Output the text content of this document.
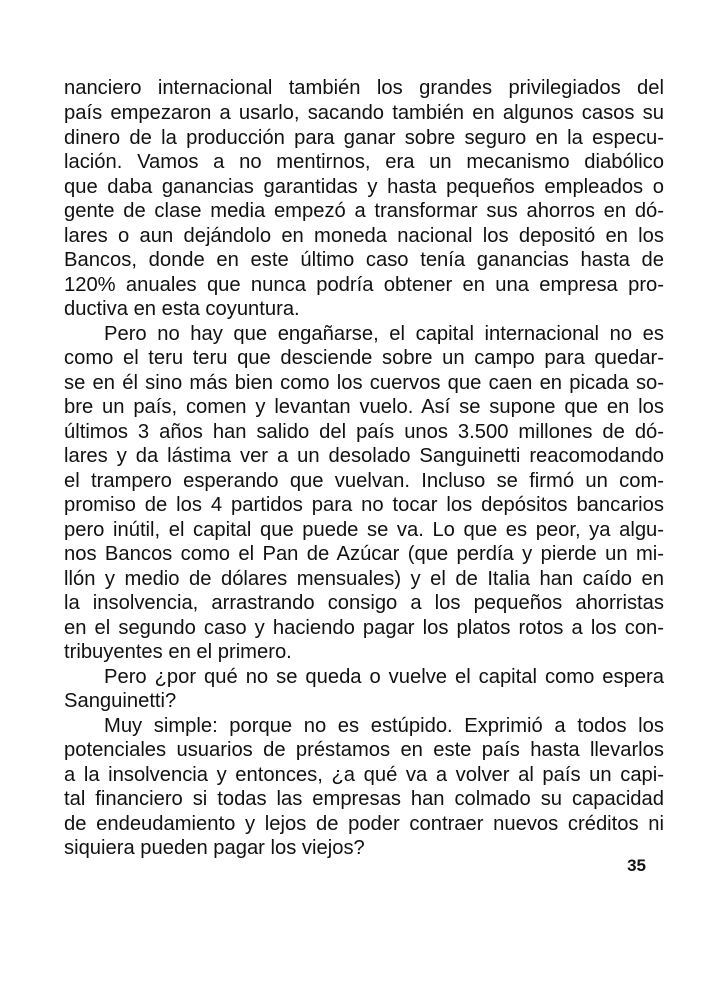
nanciero internacional también los grandes privilegiados del
país empezaron a usarlo, sacando también en algunos casos su
dinero de la producción para ganar sobre seguro en la especu-
lación. Vamos a no mentirnos, era un mecanismo diabólico
que daba ganancias garantidas y hasta pequeños empleados o
gente de clase media empezó a transformar sus ahorros en dó-
lares o aun dejándolo en moneda nacional los depositó en los
Bancos, donde en este último caso tenía ganancias hasta de
120% anuales que nunca podría obtener en una empresa pro-
ductiva en esta coyuntura.
Pero no hay que engañarse, el capital internacional no es
como el teru teru que desciende sobre un campo para quedar-
se en él sino más bien como los cuervos que caen en picada so-
bre un país, comen y levantan vuelo. Así se supone que en los
últimos 3 años han salido del país unos 3.500 millones de dó-
lares y da lástima ver a un desolado Sanguinetti reacomodando
el trampero esperando que vuelvan. Incluso se firmó un com-
promiso de los 4 partidos para no tocar los depósitos bancarios
pero inútil, el capital que puede se va. Lo que es peor, ya algu-
nos Bancos como el Pan de Azúcar (que perdía y pierde un mi-
llón y medio de dólares mensuales) y el de Italia han caído en
la insolvencia, arrastrando consigo a los pequeños ahorristas
en el segundo caso y haciendo pagar los platos rotos a los con-
tribuyentes en el primero.
Pero ¿por qué no se queda o vuelve el capital como espera
Sanguinetti?
Muy simple: porque no es estúpido. Exprimió a todos los
potenciales usuarios de préstamos en este país hasta llevarlos
a la insolvencia y entonces, ¿a qué va a volver al país un capi-
tal financiero si todas las empresas han colmado su capacidad
de endeudamiento y lejos de poder contraer nuevos créditos ni
siquiera pueden pagar los viejos?
35
